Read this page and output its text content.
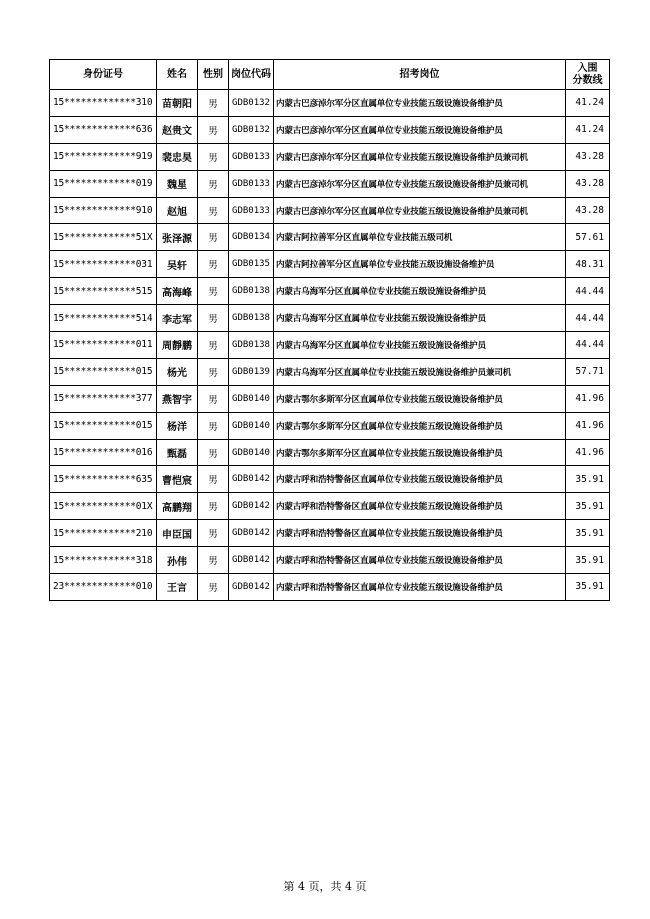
身份证号	姓名	性别	岗位代码	招考岗位	入围
分数线

15*************310	苗朝阳	男	GDB0132	内蒙古巴彦淖尔军分区直属单位专业技能五级设施设备维护员	41.24
15*************636	赵贵文	男	GDB0132	内蒙古巴彦淖尔军分区直属单位专业技能五级设施设备维护员	41.24
15*************919	裴忠昊	男	GDB0133	内蒙古巴彦淖尔军分区直属单位专业技能五级设施设备维护员兼司机	43.28
15*************019	魏星	男	GDB0133	内蒙古巴彦淖尔军分区直属单位专业技能五级设施设备维护员兼司机	43.28
15*************910	赵旭	男	GDB0133	内蒙古巴彦淖尔军分区直属单位专业技能五级设施设备维护员兼司机	43.28
15*************51X	张泽源	男	GDB0134	内蒙古阿拉善军分区直属单位专业技能五级司机	57.61
15*************031	吴轩	男	GDB0135	内蒙古阿拉善军分区直属单位专业技能五级设施设备维护员	48.31
15*************515	高海峰	男	GDB0138	内蒙古乌海军分区直属单位专业技能五级设施设备维护员	44.44
15*************514	李志军	男	GDB0138	内蒙古乌海军分区直属单位专业技能五级设施设备维护员	44.44
15*************011	周靜鹏	男	GDB0138	内蒙古乌海军分区直属单位专业技能五级设施设备维护员	44.44
15*************015	杨光	男	GDB0139	内蒙古乌海军分区直属单位专业技能五级设施设备维护员兼司机	57.71
15*************377	燕智宇	男	GDB0140	内蒙古鄂尔多斯军分区直属单位专业技能五级设施设备维护员	41.96
15*************015	杨洋	男	GDB0140	内蒙古鄂尔多斯军分区直属单位专业技能五级设施设备维护员	41.96
15*************016	甄磊	男	GDB0140	内蒙古鄂尔多斯军分区直属单位专业技能五级设施设备维护员	41.96
15*************635	曹恺宸	男	GDB0142	内蒙古呼和浩特警备区直属单位专业技能五级设施设备维护员	35.91
15*************01X	高鹏翔	男	GDB0142	内蒙古呼和浩特警备区直属单位专业技能五级设施设备维护员	35.91
15*************210	申臣国	男	GDB0142	内蒙古呼和浩特警备区直属单位专业技能五级设施设备维护员	35.91
15*************318	孙伟	男	GDB0142	内蒙古呼和浩特警备区直属单位专业技能五级设施设备维护员	35.91
23*************010	王言	男	GDB0142	内蒙古呼和浩特警备区直属单位专业技能五级设施设备维护员	35.91
第 4 页，共 4 页
